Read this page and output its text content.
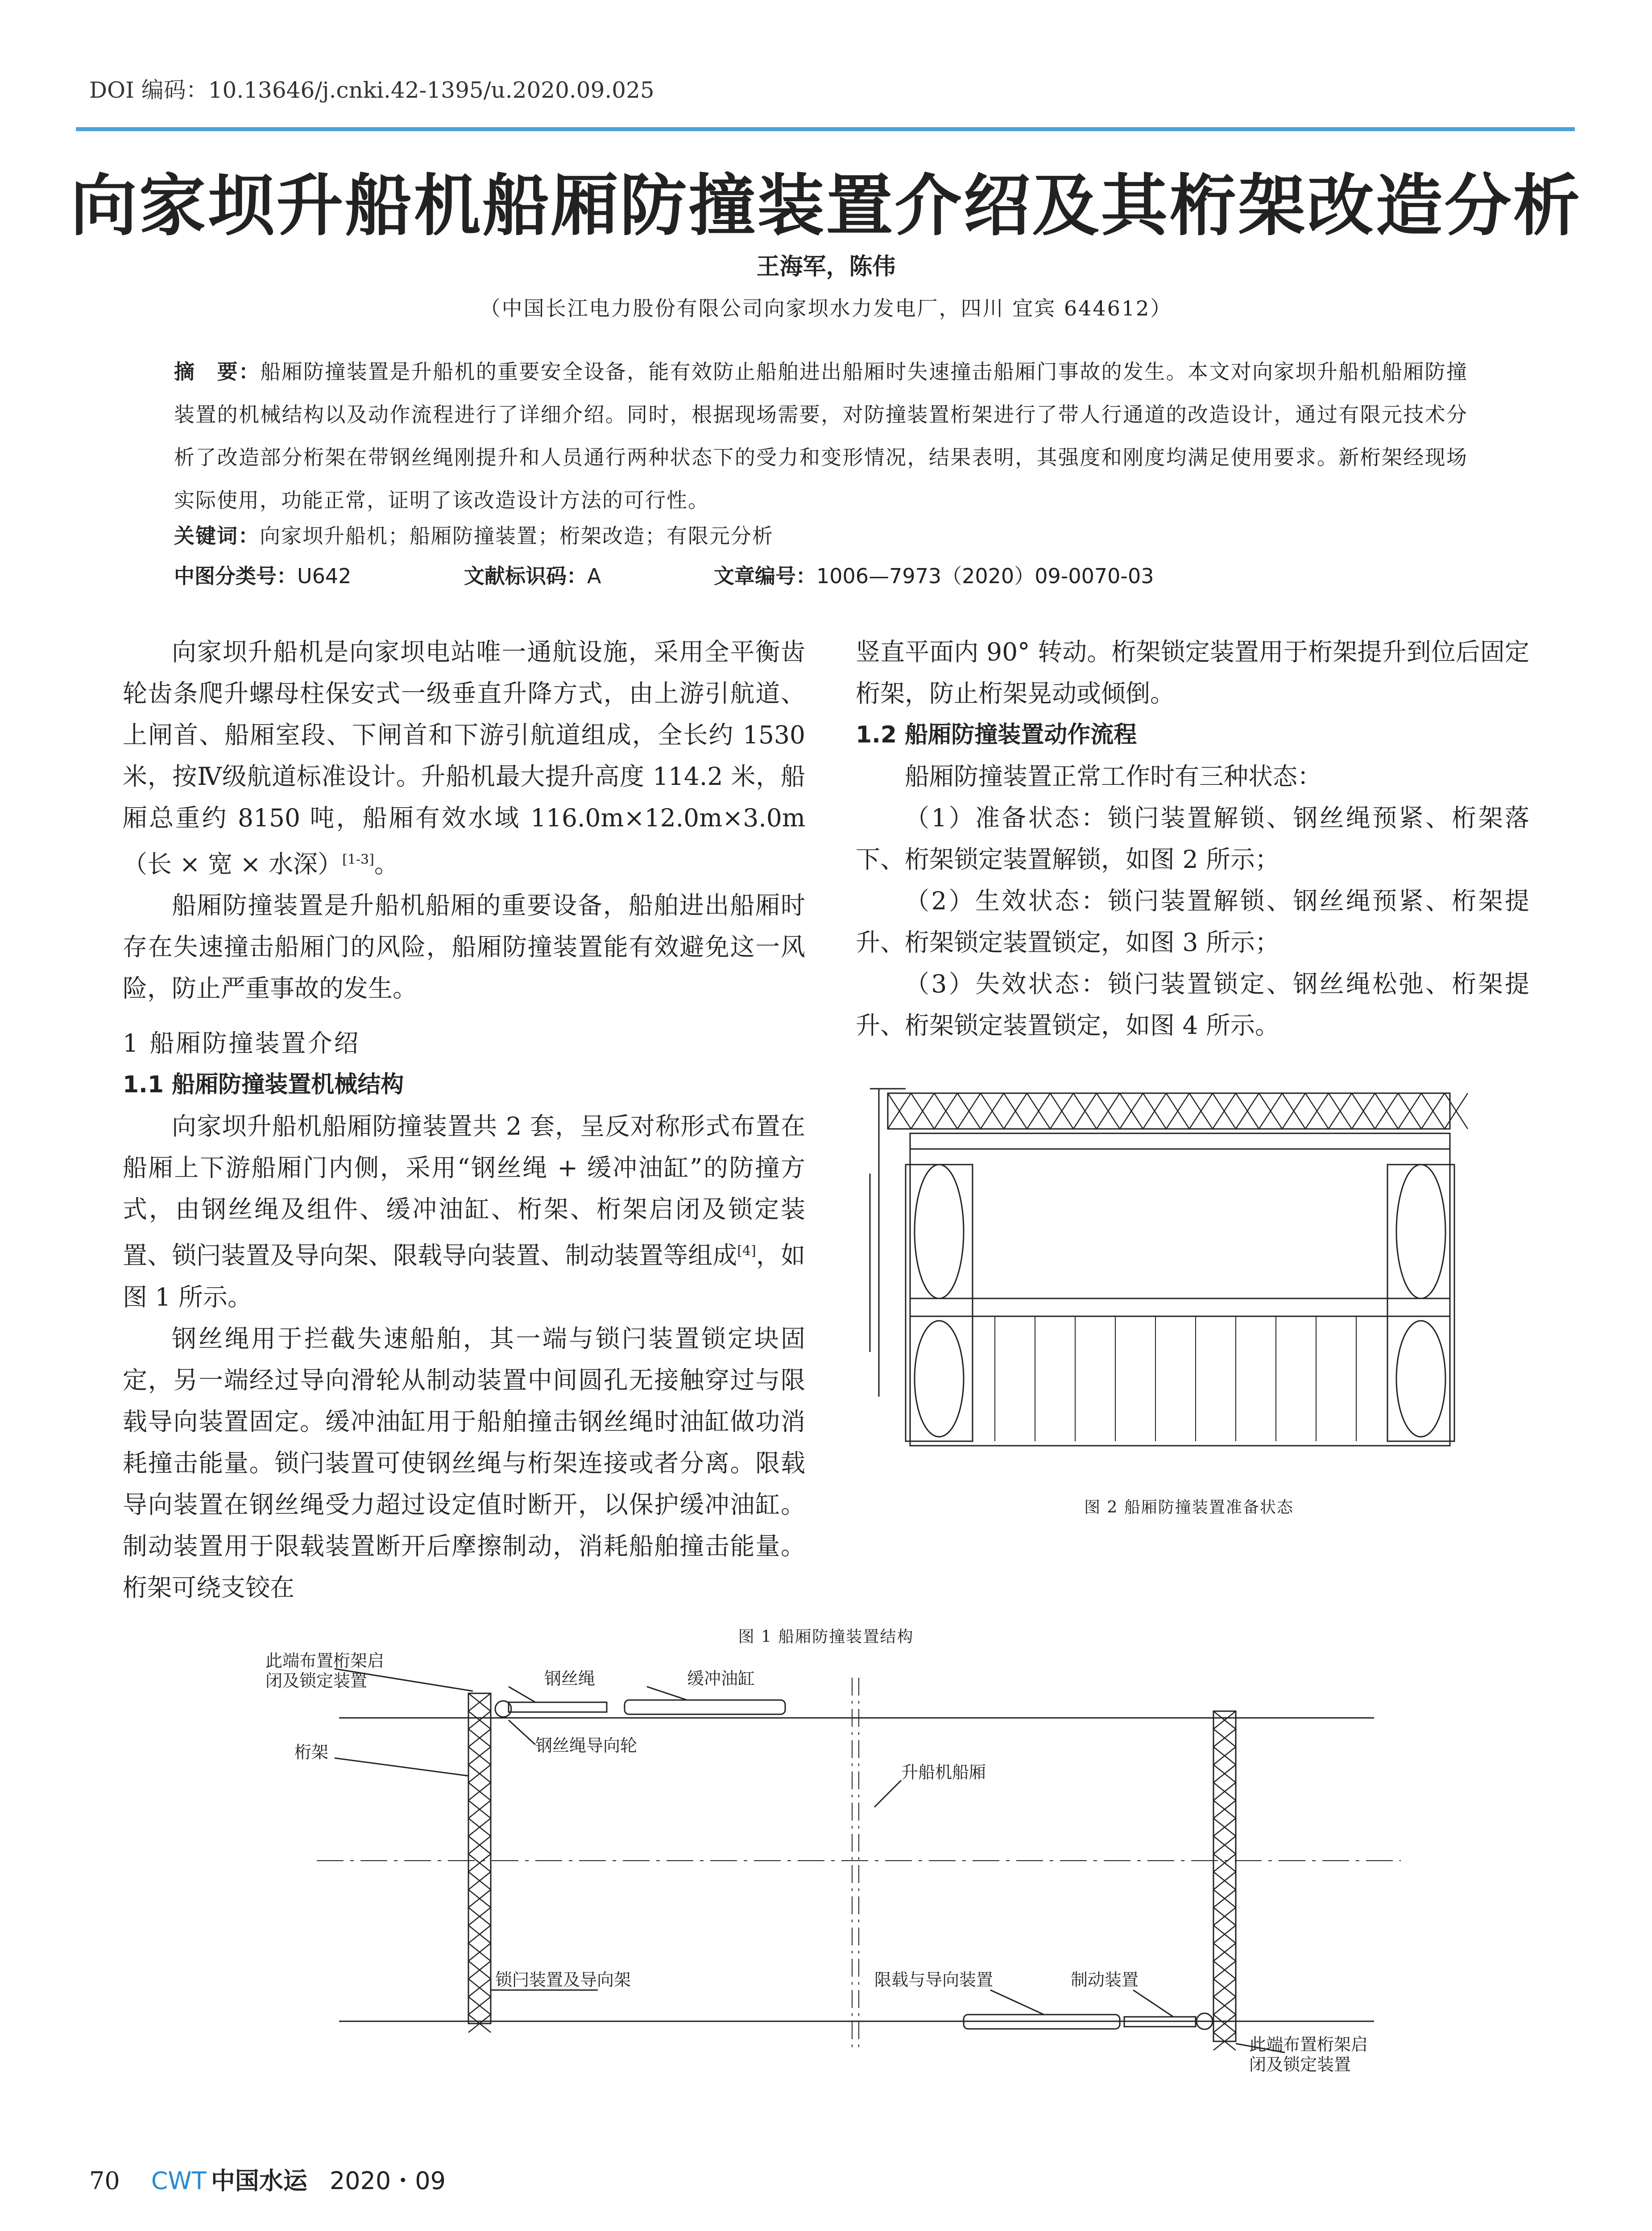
DOI 编码：10.13646/j.cnki.42-1395/u.2020.09.025
向家坝升船机船厢防撞装置介绍及其桁架改造分析
王海军，陈伟
（中国长江电力股份有限公司向家坝水力发电厂，四川 宜宾 644612）
摘　要：船厢防撞装置是升船机的重要安全设备，能有效防止船舶进出船厢时失速撞击船厢门事故的发生。本文对向家坝升船机船厢防撞装置的机械结构以及动作流程进行了详细介绍。同时，根据现场需要，对防撞装置桁架进行了带人行通道的改造设计，通过有限元技术分析了改造部分桁架在带钢丝绳刚提升和人员通行两种状态下的受力和变形情况，结果表明，其强度和刚度均满足使用要求。新桁架经现场实际使用，功能正常，证明了该改造设计方法的可行性。
关键词：向家坝升船机；船厢防撞装置；桁架改造；有限元分析
中图分类号：U642	文献标识码：A	文章编号：1006—7973（2020）09-0070-03

向家坝升船机是向家坝电站唯一通航设施，采用全平衡齿轮齿条爬升螺母柱保安式一级垂直升降方式，由上游引航道、上闸首、船厢室段、下闸首和下游引航道组成，全长约 1530 米，按Ⅳ级航道标准设计。升船机最大提升高度 114.2 米，船厢总重约 8150 吨，船厢有效水域 116.0m×12.0m×3.0m（长 × 宽 × 水深）[1-3]。

船厢防撞装置是升船机船厢的重要设备，船舶进出船厢时存在失速撞击船厢门的风险，船厢防撞装置能有效避免这一风险，防止严重事故的发生。

1 船厢防撞装置介绍
1.1 船厢防撞装置机械结构

向家坝升船机船厢防撞装置共 2 套，呈反对称形式布置在船厢上下游船厢门内侧，采用“钢丝绳 + 缓冲油缸”的防撞方式，由钢丝绳及组件、缓冲油缸、桁架、桁架启闭及锁定装置、锁闩装置及导向架、限载导向装置、制动装置等组成[4]，如图 1 所示。

钢丝绳用于拦截失速船舶，其一端与锁闩装置锁定块固定，另一端经过导向滑轮从制动装置中间圆孔无接触穿过与限载导向装置固定。缓冲油缸用于船舶撞击钢丝绳时油缸做功消耗撞击能量。锁闩装置可使钢丝绳与桁架连接或者分离。限载导向装置在钢丝绳受力超过设定值时断开，以保护缓冲油缸。制动装置用于限载装置断开后摩擦制动，消耗船舶撞击能量。桁架可绕支铰在

竖直平面内 90° 转动。桁架锁定装置用于桁架提升到位后固定桁架，防止桁架晃动或倾倒。

1.2 船厢防撞装置动作流程

船厢防撞装置正常工作时有三种状态：

（1）准备状态：锁闩装置解锁、钢丝绳预紧、桁架落下、桁架锁定装置解锁，如图 2 所示；

（2）生效状态：锁闩装置解锁、钢丝绳预紧、桁架提升、桁架锁定装置锁定，如图 3 所示；

（3）失效状态：锁闩装置锁定、钢丝绳松弛、桁架提升、桁架锁定装置锁定，如图 4 所示。

图 2 船厢防撞装置准备状态
图 1 船厢防撞装置结构
此端布置桁架启
闭及锁定装置	钢丝绳	缓冲油缸
钢丝绳导向轮
桁架
升船机船厢
锁闩装置及导向架	限载与导向装置	制动装置
此端布置桁架启
闭及锁定装置
70 CWT 中国水运 2020・09
